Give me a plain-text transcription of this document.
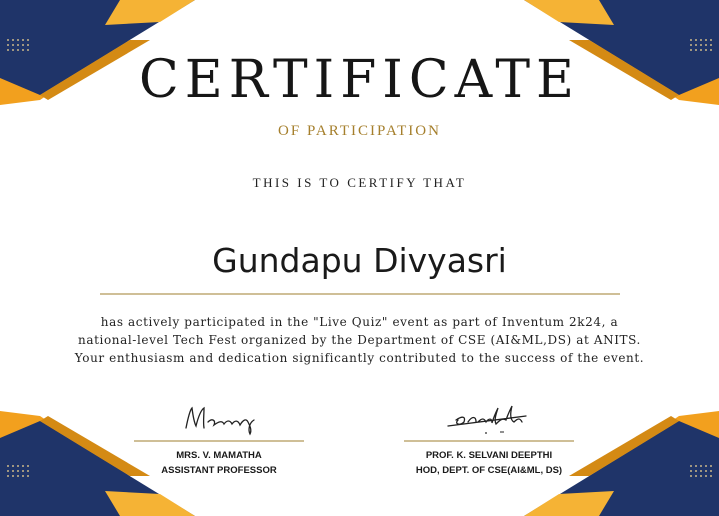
CERTIFICATE
OF PARTICIPATION
THIS IS TO CERTIFY THAT
Gundapu Divyasri
has actively participated in the "Live Quiz" event as part of Inventum 2k24, a national-level Tech Fest organized by the Department of CSE (AI&ML,DS) at ANITS. Your enthusiasm and dedication significantly contributed to the success of the event.
MRS. V. MAMATHA
ASSISTANT PROFESSOR
PROF. K. SELVANI DEEPTHI
HOD, DEPT. OF CSE(AI&ML, DS)
